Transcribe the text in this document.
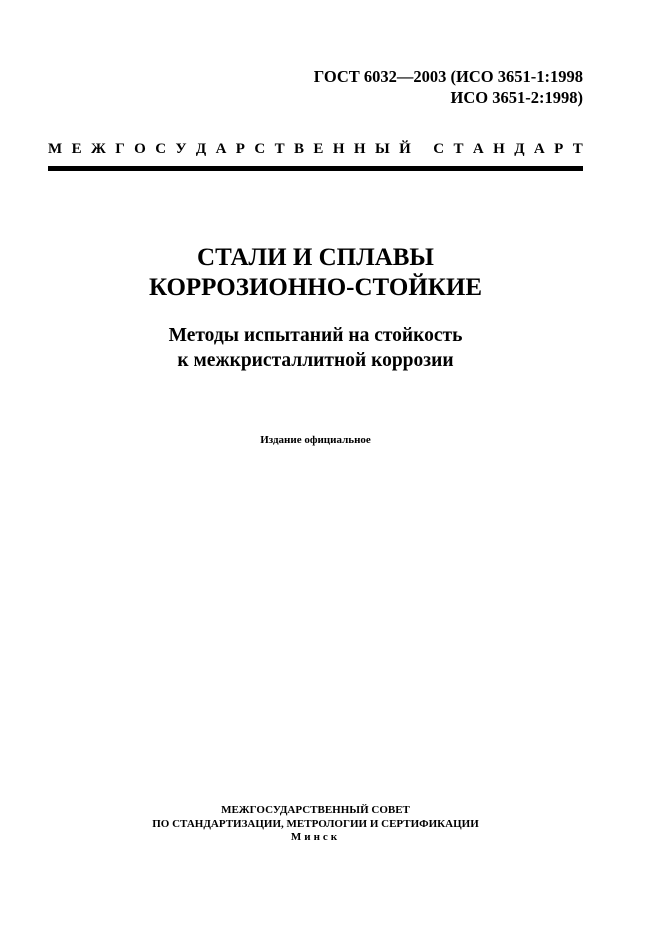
ГОСТ 6032—2003 (ИСО 3651-1:1998
ИСО 3651-2:1998)
М Е Ж Г О С У Д А Р С Т В Е Н Н Ы Й
С Т А Н Д А Р Т
СТАЛИ И СПЛАВЫ
КОРРОЗИОННО-СТОЙКИЕ
Методы испытаний на стойкость
к межкристаллитной коррозии
Издание официальное
МЕЖГОСУДАРСТВЕННЫЙ СОВЕТ
ПО СТАНДАРТИЗАЦИИ, МЕТРОЛОГИИ И СЕРТИФИКАЦИИ
Минск
